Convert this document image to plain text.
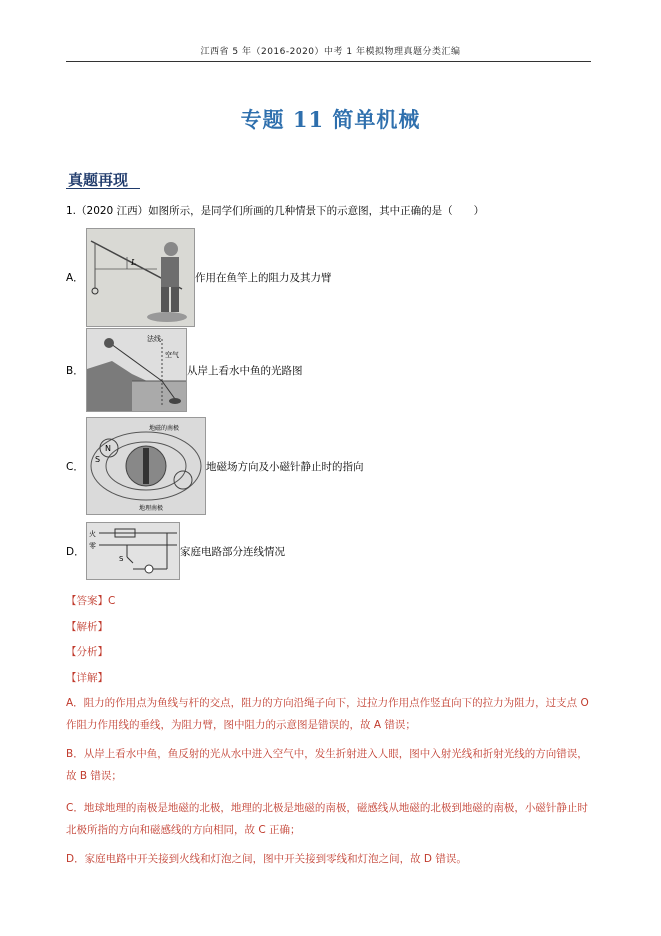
江西省 5 年（2016-2020）中考 1 年模拟物理真题分类汇编
专题 11 简单机械
真题再现
1.（2020 江西）如图所示，是同学们所画的几种情景下的示意图，其中正确的是（　　）
A．
L
作用在鱼竿上的阻力及其力臂
B．
法线
空气
从岸上看水中鱼的光路图
C．
N
S
地磁的南极
地理南极
地磁场方向及小磁针静止时的指向
D．
火
零
S
家庭电路部分连线情况
【答案】C
【解析】
【分析】
【详解】
A．阻力的作用点为鱼线与杆的交点，阻力的方向沿绳子向下，过拉力作用点作竖直向下的拉力为阻力，过支点 O 作阻力作用线的垂线，为阻力臂，图中阻力的示意图是错误的，故 A 错误；
B．从岸上看水中鱼，鱼反射的光从水中进入空气中，发生折射进入人眼，图中入射光线和折射光线的方向错误，故 B 错误；
C．地球地理的南极是地磁的北极，地理的北极是地磁的南极，磁感线从地磁的北极到地磁的南极，小磁针静止时北极所指的方向和磁感线的方向相同，故 C 正确；
D．家庭电路中开关接到火线和灯泡之间，图中开关接到零线和灯泡之间，故 D 错误。
